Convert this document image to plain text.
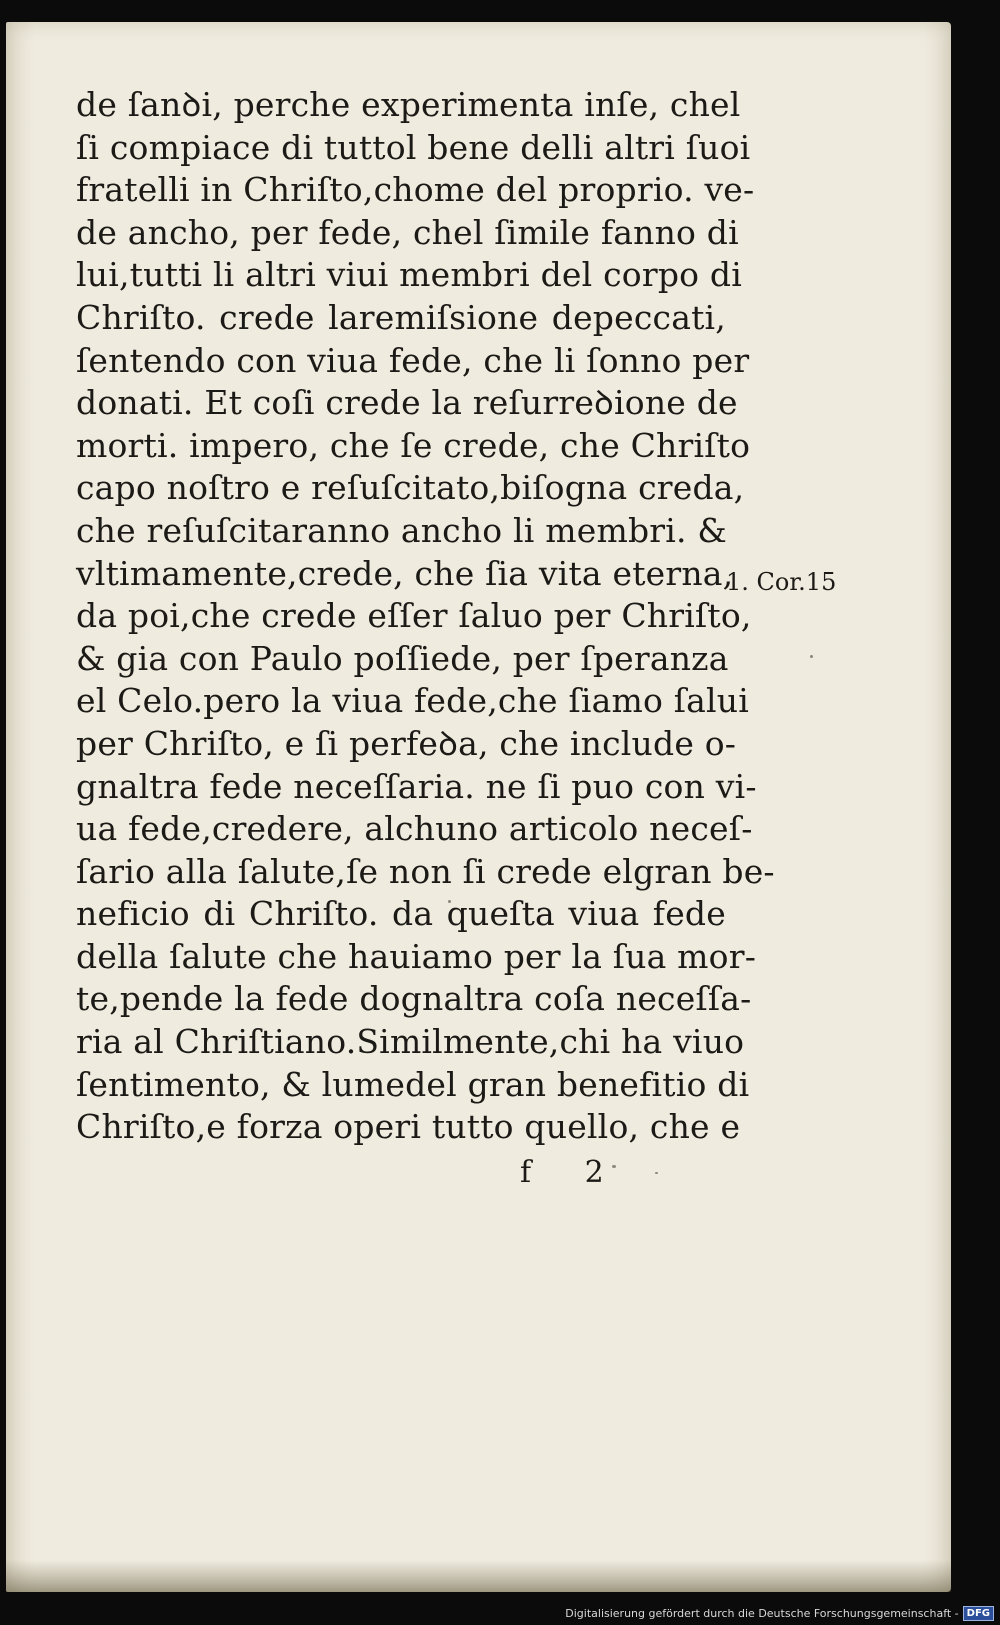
de ſanꝺi, perche experimenta inſe, chel
ſi compiace di tuttol bene delli altri ſuoi
fratelli in Chriſto,chome del proprio. ve-
de ancho, per fede, chel ſimile fanno di
lui,tutti li altri viui membri del corpo di
Chriſto. crede laremiſsione depeccati,
ſentendo con viua fede, che li ſonno per
donati. Et coſi crede la reſurreꝺione de
morti. impero, che ſe crede, che Chriſto
capo noſtro e reſuſcitato,biſogna creda,
che reſuſcitaranno ancho li membri. &
vltimamente,crede, che ſia vita eterna,
da poi,che crede eſſer ſaluo per Chriſto,
& gia con Paulo poſſiede, per ſperanza
el Celo.pero la viua fede,che ſiamo ſalui
per Chriſto, e ſi perfeꝺa, che include o-
gnaltra fede neceſſaria. ne ſi puo con vi-
ua fede,credere, alchuno articolo neceſ-
ſario alla ſalute,ſe non ſi crede elgran be-
neficio di Chriſto. da queſta viua fede
della ſalute che hauiamo per la ſua mor-
te,pende la fede dognaltra coſa neceſſa-
ria al Chriſtiano.Similmente,chi ha viuo
ſentimento, & lumedel gran benefitio di
Chriſto,e forza operi tutto quello, che e
1. Cor.15
f 2
Digitalisierung gefördert durch die Deutsche Forschungsgemeinschaft - DFG
